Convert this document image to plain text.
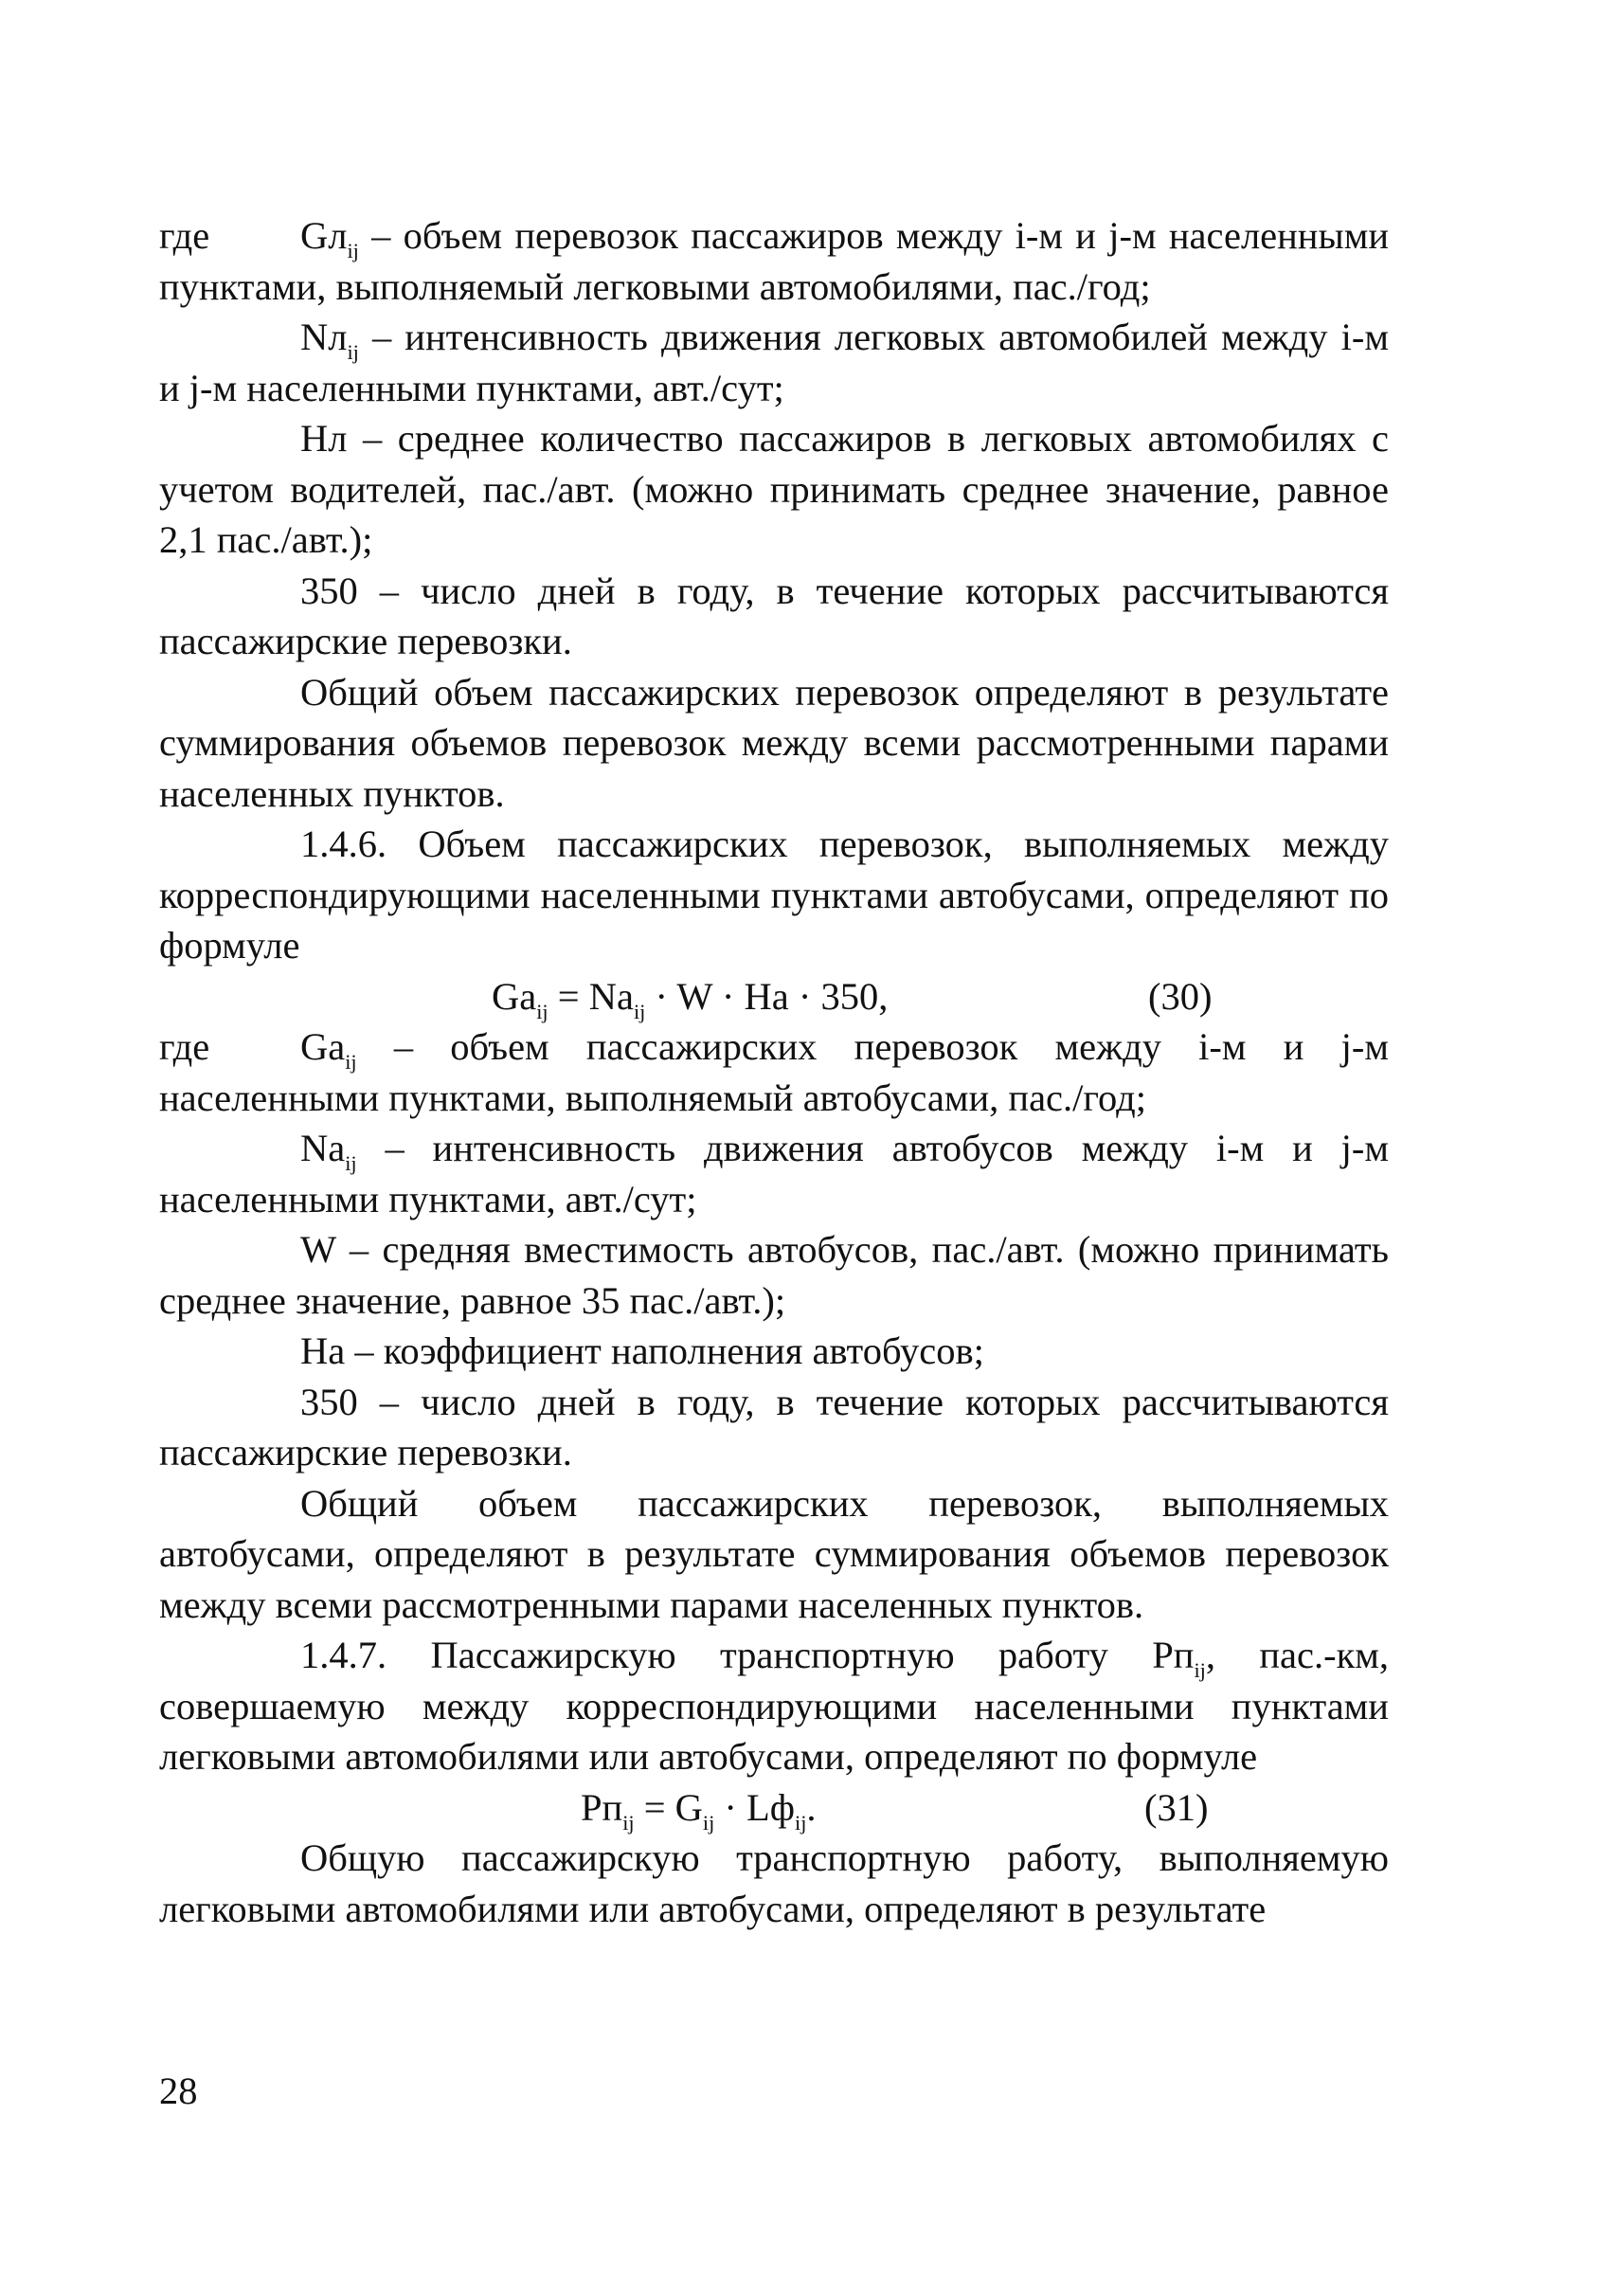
где $Gл_{ij}$ – объем перевозок пассажиров между i-м и j-м населенными пунктами, выполняемый легковыми автомобилями, пас./год;

$Nл_{ij}$ – интенсивность движения легковых автомобилей между i-м и j-м населенными пунктами, авт./сут;

Нл – среднее количество пассажиров в легковых автомобилях с учетом водителей, пас./авт. (можно принимать среднее значение, равное 2,1 пас./авт.);

350 – число дней в году, в течение которых рассчитываются пассажирские перевозки.

Общий объем пассажирских перевозок определяют в результате суммирования объемов перевозок между всеми рассмотренными парами населенных пунктов.

1.4.6. Объем пассажирских перевозок, выполняемых между корреспондирующими населенными пунктами автобусами, определяют по формуле

$Ga_{ij} = Na_{ij} \cdot W$ · На · 350,	(30)

где $Ga_{ij}$ – объем пассажирских перевозок между i-м и j-м населенными пунктами, выполняемый автобусами, пас./год;

$Na_{ij}$ – интенсивность движения автобусов между i-м и j-м населенными пунктами, авт./сут;

W – средняя вместимость автобусов, пас./авт. (можно принимать среднее значение, равное 35 пас./авт.);

На – коэффициент наполнения автобусов;

350 – число дней в году, в течение которых рассчитываются пассажирские перевозки.

Общий объем пассажирских перевозок, выполняемых автобусами, определяют в результате суммирования объемов перевозок между всеми рассмотренными парами населенных пунктов.

1.4.7. Пассажирскую транспортную работу $Рп_{ij}$, пас.-км, совершаемую между корреспондирующими населенными пунктами легковыми автомобилями или автобусами, определяют по формуле

$Рп_{ij} = G_{ij} \cdot Lф_{ij}$.	(31)

Общую пассажирскую транспортную работу, выполняемую легковыми автомобилями или автобусами, определяют в результате

28
